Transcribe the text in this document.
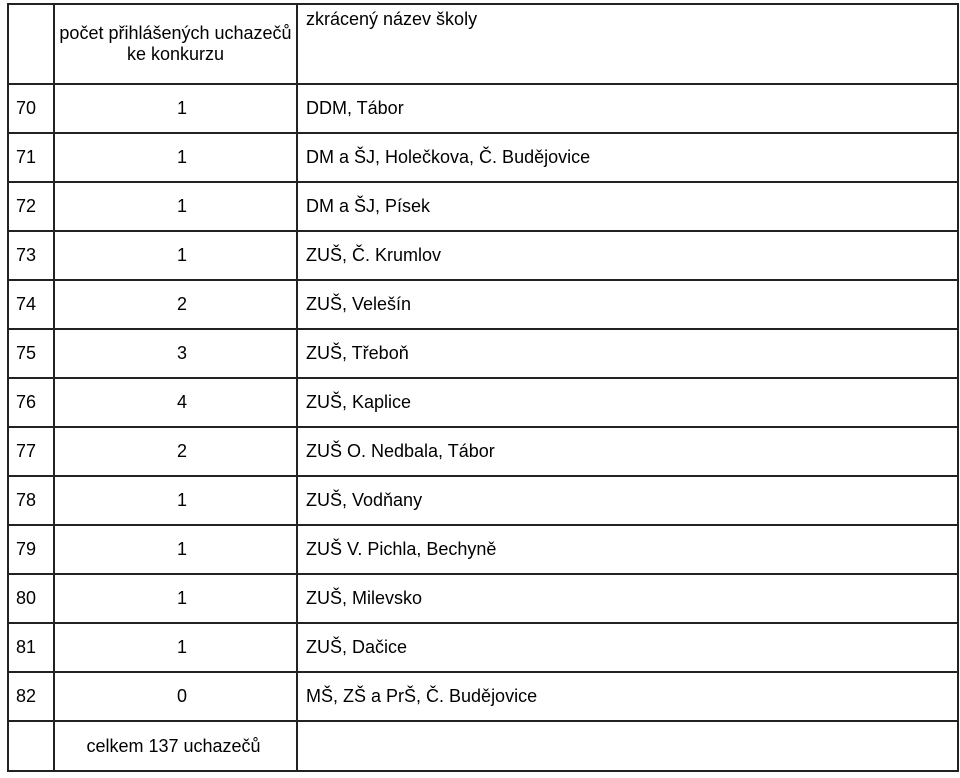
	počet přihlášených uchazečů ke konkurzu	zkrácený název školy
70	1	DDM, Tábor
71	1	DM a ŠJ, Holečkova, Č. Budějovice
72	1	DM a ŠJ, Písek
73	1	ZUŠ, Č. Krumlov
74	2	ZUŠ, Velešín
75	3	ZUŠ, Třeboň
76	4	ZUŠ, Kaplice
77	2	ZUŠ O. Nedbala, Tábor
78	1	ZUŠ, Vodňany
79	1	ZUŠ V. Pichla, Bechyně
80	1	ZUŠ, Milevsko
81	1	ZUŠ, Dačice
82	0	MŠ, ZŠ a PrŠ, Č. Budějovice
	celkem 137 uchazečů	
